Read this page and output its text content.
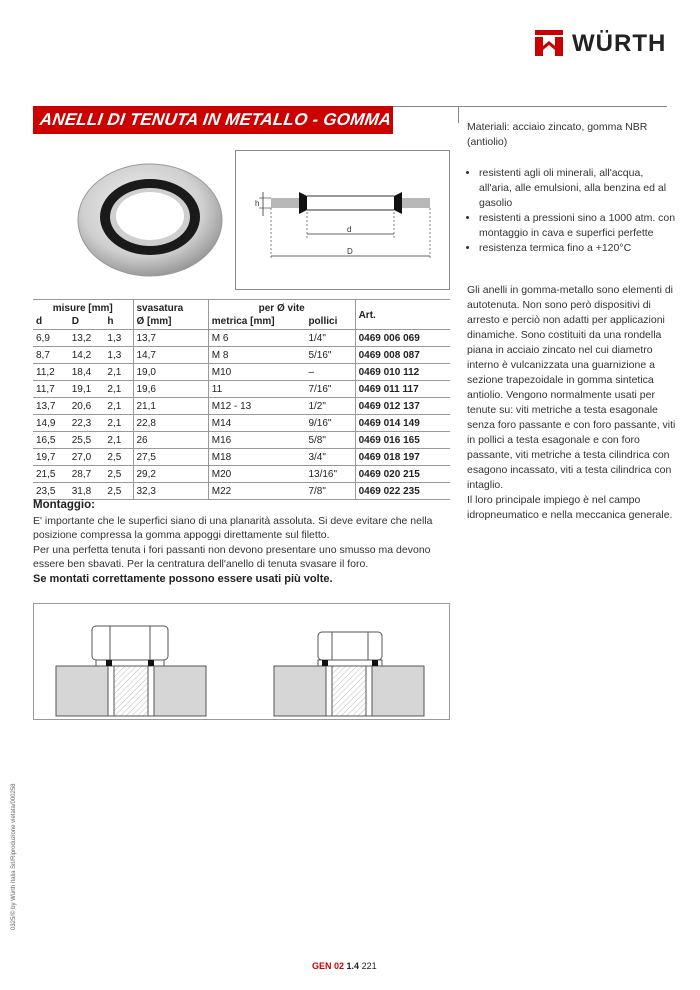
WÜRTH
ANELLI DI TENUTA IN METALLO - GOMMA
h
d
D
misure [mm]			svasatura	per Ø vite		Art.
d	D	h	Ø [mm]	metrica [mm]	pollici	
6,9	13,2	1,3	13,7	M 6	1/4"	0469 006 069
8,7	14,2	1,3	14,7	M 8	5/16"	0469 008 087
11,2	18,4	2,1	19,0	M10	–	0469 010 112
11,7	19,1	2,1	19,6	11	7/16"	0469 011 117
13,7	20,6	2,1	21,1	M12 - 13	1/2"	0469 012 137
14,9	22,3	2,1	22,8	M14	9/16"	0469 014 149
16,5	25,5	2,1	26	M16	5/8"	0469 016 165
19,7	27,0	2,5	27,5	M18	3/4"	0469 018 197
21,5	28,7	2,5	29,2	M20	13/16"	0469 020 215
23,5	31,8	2,5	32,3	M22	7/8"	0469 022 235
Materiali: acciaio zincato, gomma NBR (antiolio)
• resistenti agli oli minerali, all'acqua, all'aria, alle emulsioni, alla benzina ed al gasolio
• resistenti a pressioni sino a 1000 atm. con montaggio in cava e superfici perfette
• resistenza termica fino a +120°C
Gli anelli in gomma-metallo sono elementi di autotenuta. Non sono però dispositivi di arresto e perciò non adatti per applicazioni dinamiche. Sono costituiti da una rondella piana in acciaio zincato nel cui diametro interno è vulcanizzata una guarnizione a sezione trapezoidale in gomma sintetica antiolio. Vengono normalmente usati per tenute su: viti metriche a testa esagonale senza foro passante e con foro passante, viti in pollici a testa esagonale e con foro passante, viti metriche a testa cilindrica con esagono incassato, viti a testa cilindrica con intaglio.
Il loro principale impiego è nel campo idropneumatico e nella meccanica generale.
Montaggio:

E' importante che le superfici siano di una planarità assoluta. Si deve evitare che nella posizione compressa la gomma appoggi direttamente sul filetto.

Per una perfetta tenuta i fori passanti non devono presentare uno smusso ma devono essere ben sbavati. Per la centratura dell'anello di tenuta svasare il foro.

Se montati correttamente possono essere usati più volte.

0325/© by Würth Italia Srl/Riproduzione vietata/000258
GEN 02 1.4 221
